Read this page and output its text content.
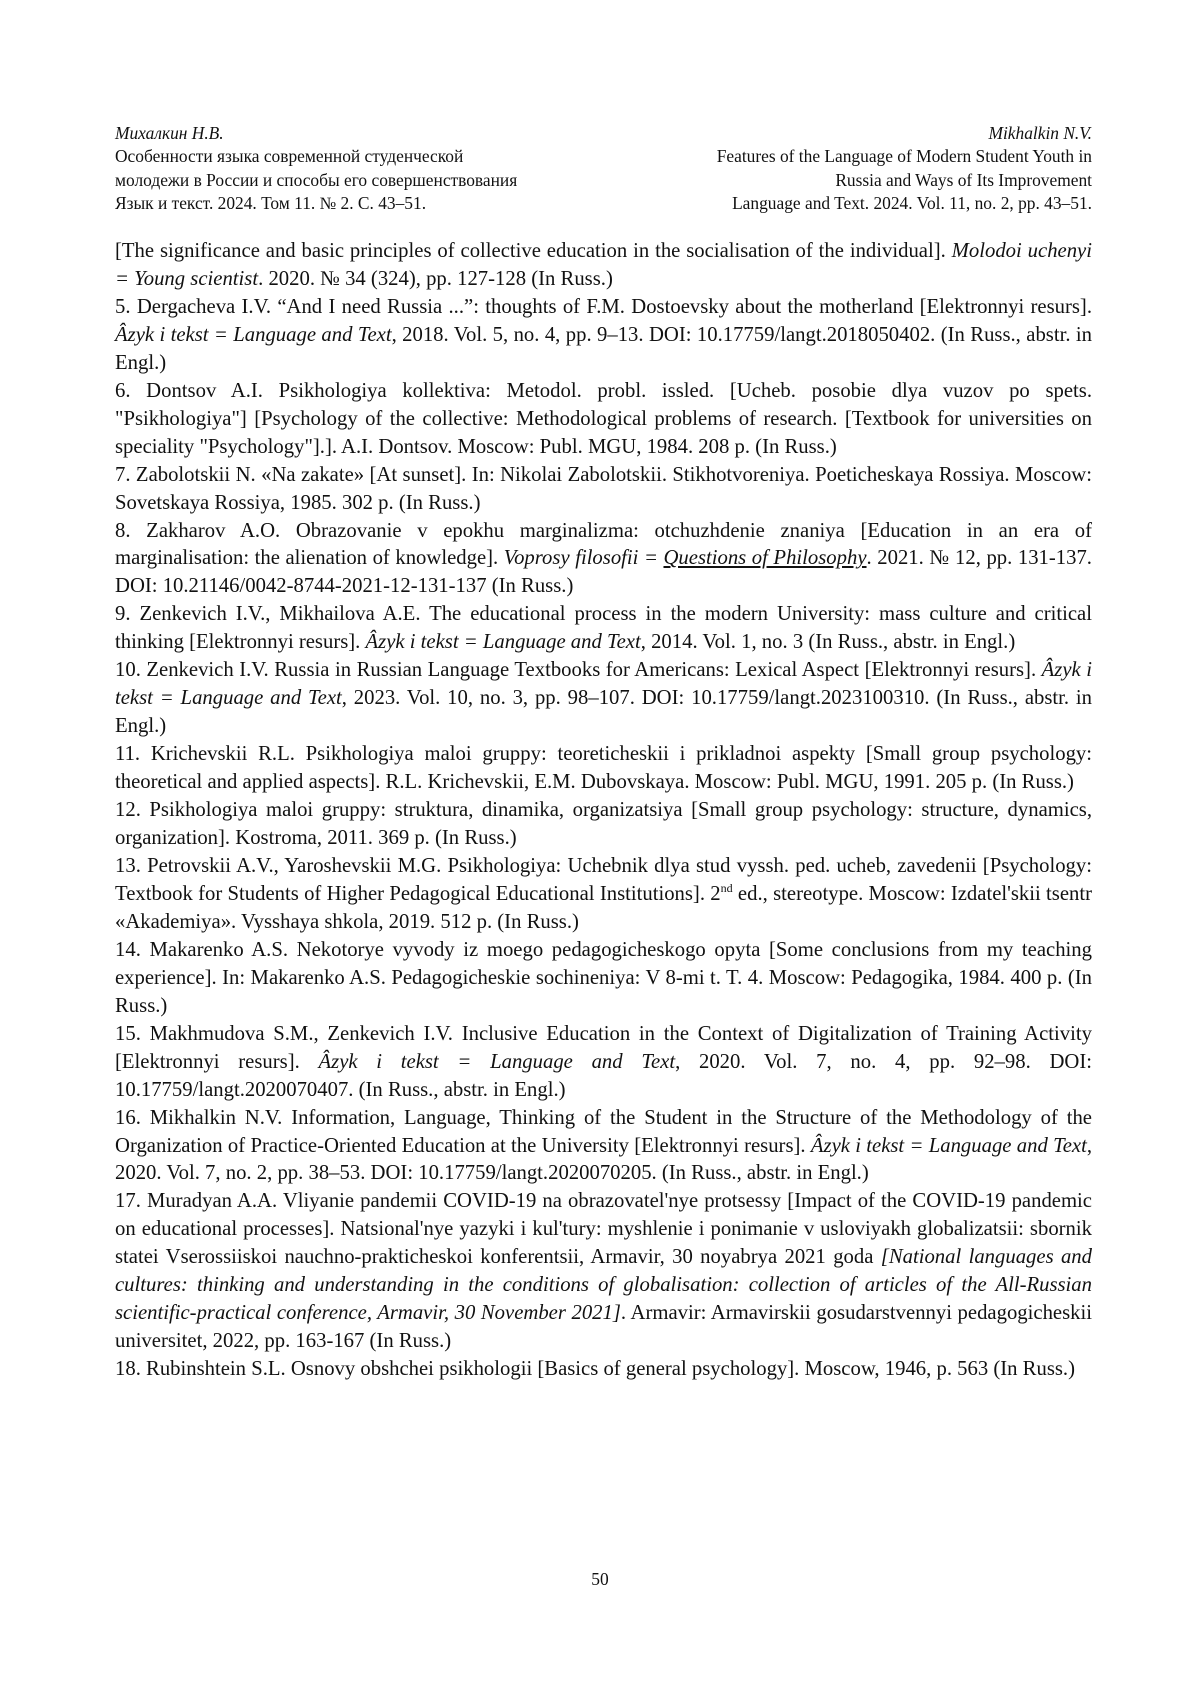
Михалкин Н.В.
Особенности языка современной студенческой
молодежи в России и способы его совершенствования
Язык и текст. 2024. Том 11. № 2. С. 43–51.
Mikhalkin N.V.
Features of the Language of Modern Student Youth in
Russia and Ways of Its Improvement
Language and Text. 2024. Vol. 11, no. 2, pp. 43–51.

[The significance and basic principles of collective education in the socialisation of the individual]. Molodoi uchenyi = Young scientist. 2020. № 34 (324), pp. 127-128 (In Russ.)

5. Dergacheva I.V. “And I need Russia ...”: thoughts of F.M. Dostoevsky about the motherland [Elektronnyi resurs]. Âzyk i tekst = Language and Text, 2018. Vol. 5, no. 4, pp. 9–13. DOI: 10.17759/langt.2018050402. (In Russ., abstr. in Engl.)

6. Dontsov A.I. Psikhologiya kollektiva: Metodol. probl. issled. [Ucheb. posobie dlya vuzov po spets. "Psikhologiya"] [Psychology of the collective: Methodological problems of research. [Textbook for universities on speciality "Psychology"].]. A.I. Dontsov. Moscow: Publ. MGU, 1984. 208 p. (In Russ.)

7. Zabolotskii N. «Na zakate» [At sunset]. In: Nikolai Zabolotskii. Stikhotvoreniya. Poeticheskaya Rossiya. Moscow: Sovetskaya Rossiya, 1985. 302 p. (In Russ.)

8. Zakharov A.O. Obrazovanie v epokhu marginalizma: otchuzhdenie znaniya [Education in an era of marginalisation: the alienation of knowledge]. Voprosy filosofii = Questions of Philosophy. 2021. № 12, pp. 131-137. DOI: 10.21146/0042-8744-2021-12-131-137 (In Russ.)

9. Zenkevich I.V., Mikhailova A.E. The educational process in the modern University: mass culture and critical thinking [Elektronnyi resurs]. Âzyk i tekst = Language and Text, 2014. Vol. 1, no. 3 (In Russ., abstr. in Engl.)

10. Zenkevich I.V. Russia in Russian Language Textbooks for Americans: Lexical Aspect [Elektronnyi resurs]. Âzyk i tekst = Language and Text, 2023. Vol. 10, no. 3, pp. 98–107. DOI: 10.17759/langt.2023100310. (In Russ., abstr. in Engl.)

11. Krichevskii R.L. Psikhologiya maloi gruppy: teoreticheskii i prikladnoi aspekty [Small group psychology: theoretical and applied aspects]. R.L. Krichevskii, E.M. Dubovskaya. Moscow: Publ. MGU, 1991. 205 p. (In Russ.)

12. Psikhologiya maloi gruppy: struktura, dinamika, organizatsiya [Small group psychology: structure, dynamics, organization]. Kostroma, 2011. 369 p. (In Russ.)

13. Petrovskii A.V., Yaroshevskii M.G. Psikhologiya: Uchebnik dlya stud vyssh. ped. ucheb, zavedenii [Psychology: Textbook for Students of Higher Pedagogical Educational Institutions]. 2nd ed., stereotype. Moscow: Izdatel'skii tsentr «Akademiya». Vysshaya shkola, 2019. 512 p. (In Russ.)

14. Makarenko A.S. Nekotorye vyvody iz moego pedagogicheskogo opyta [Some conclusions from my teaching experience]. In: Makarenko A.S. Pedagogicheskie sochineniya: V 8-mi t. T. 4. Moscow: Pedagogika, 1984. 400 p. (In Russ.)

15. Makhmudova S.M., Zenkevich I.V. Inclusive Education in the Context of Digitalization of Training Activity [Elektronnyi resurs]. Âzyk i tekst = Language and Text, 2020. Vol. 7, no. 4, pp. 92–98. DOI: 10.17759/langt.2020070407. (In Russ., abstr. in Engl.)

16. Mikhalkin N.V. Information, Language, Thinking of the Student in the Structure of the Methodology of the Organization of Practice-Oriented Education at the University [Elektronnyi resurs]. Âzyk i tekst = Language and Text, 2020. Vol. 7, no. 2, pp. 38–53. DOI: 10.17759/langt.2020070205. (In Russ., abstr. in Engl.)

17. Muradyan A.A. Vliyanie pandemii COVID-19 na obrazovatel'nye protsessy [Impact of the COVID-19 pandemic on educational processes]. Natsional'nye yazyki i kul'tury: myshlenie i ponimanie v usloviyakh globalizatsii: sbornik statei Vserossiiskoi nauchno-prakticheskoi konferentsii, Armavir, 30 noyabrya 2021 goda [National languages and cultures: thinking and understanding in the conditions of globalisation: collection of articles of the All-Russian scientific-practical conference, Armavir, 30 November 2021]. Armavir: Armavirskii gosudarstvennyi pedagogicheskii universitet, 2022, pp. 163-167 (In Russ.)

18. Rubinshtein S.L. Osnovy obshchei psikhologii [Basics of general psychology]. Moscow, 1946, p. 563 (In Russ.)

50
